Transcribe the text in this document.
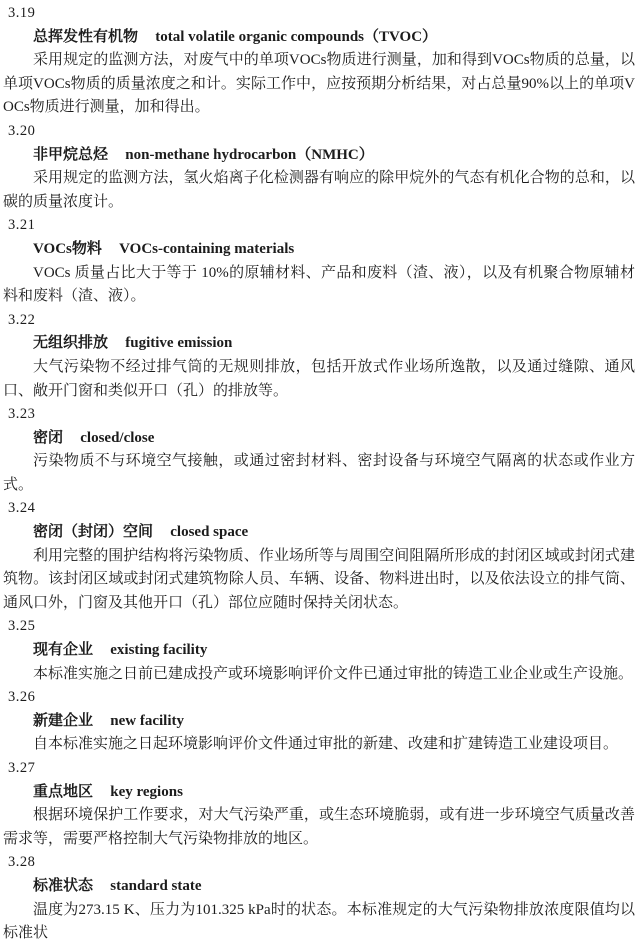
3.19
总挥发性有机物 total volatile organic compounds（TVOC）

采用规定的监测方法，对废气中的单项VOCs物质进行测量，加和得到VOCs物质的总量，以单项VOCs物质的质量浓度之和计。实际工作中，应按预期分析结果，对占总量90%以上的单项VOCs物质进行测量，加和得出。

3.20
非甲烷总烃 non-methane hydrocarbon（NMHC）

采用规定的监测方法，氢火焰离子化检测器有响应的除甲烷外的气态有机化合物的总和，以碳的质量浓度计。

3.21
VOCs物料 VOCs-containing materials

VOCs 质量占比大于等于 10%的原辅材料、产品和废料（渣、液），以及有机聚合物原辅材料和废料（渣、液）。

3.22
无组织排放 fugitive emission

大气污染物不经过排气筒的无规则排放，包括开放式作业场所逸散，以及通过缝隙、通风口、敞开门窗和类似开口（孔）的排放等。

3.23
密闭 closed/close

污染物质不与环境空气接触，或通过密封材料、密封设备与环境空气隔离的状态或作业方式。

3.24
密闭（封闭）空间 closed space

利用完整的围护结构将污染物质、作业场所等与周围空间阻隔所形成的封闭区域或封闭式建筑物。该封闭区域或封闭式建筑物除人员、车辆、设备、物料进出时，以及依法设立的排气筒、通风口外，门窗及其他开口（孔）部位应随时保持关闭状态。

3.25
现有企业 existing facility

本标准实施之日前已建成投产或环境影响评价文件已通过审批的铸造工业企业或生产设施。

3.26
新建企业 new facility

自本标准实施之日起环境影响评价文件通过审批的新建、改建和扩建铸造工业建设项目。

3.27
重点地区 key regions

根据环境保护工作要求，对大气污染严重，或生态环境脆弱，或有进一步环境空气质量改善需求等，需要严格控制大气污染物排放的地区。

3.28
标准状态 standard state

温度为273.15 K、压力为101.325 kPa时的状态。本标准规定的大气污染物排放浓度限值均以标准状
